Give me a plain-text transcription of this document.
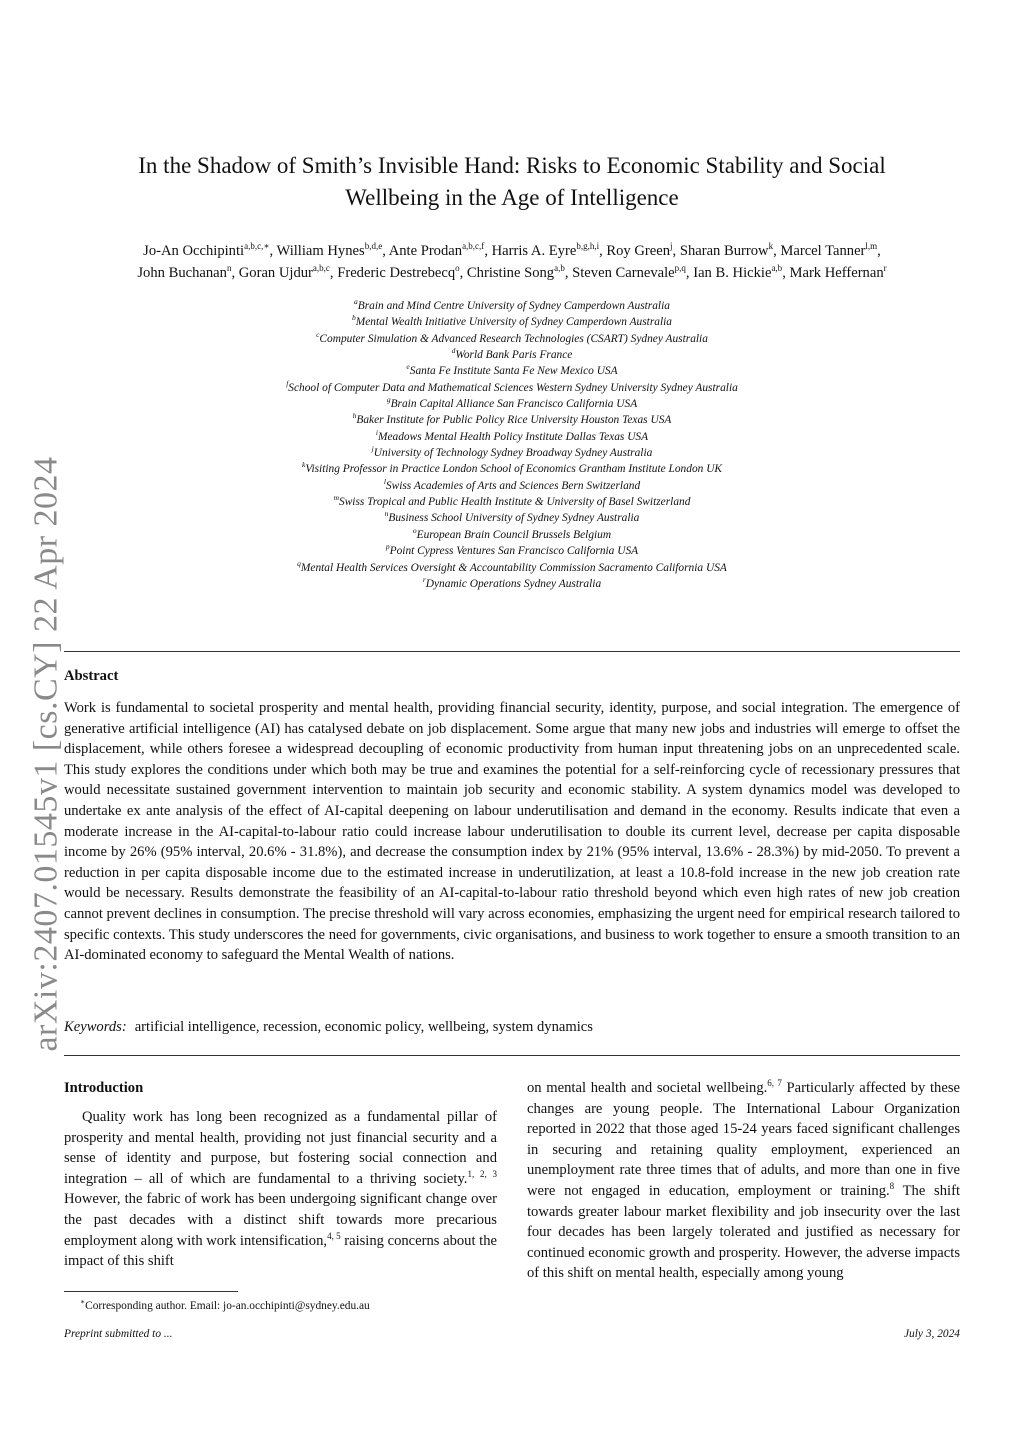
arXiv:2407.01545v1 [cs.CY] 22 Apr 2024
In the Shadow of Smith’s Invisible Hand: Risks to Economic Stability and Social
Wellbeing in the Age of Intelligence
Jo-An Occhipinti$^{a,b,c,∗}$, William Hynes$^{b,d,e}$, Ante Prodan$^{a,b,c,f}$, Harris A. Eyre$^{b,g,h,i}$, Roy Green$^j$, Sharan Burrow$^k$, Marcel Tanner$^{l,m}$,
John Buchanan$^n$, Goran Ujdur$^{a,b,c}$, Frederic Destrebecq$^o$, Christine Song$^{a,b}$, Steven Carnevale$^{p,q}$, Ian B. Hickie$^{a,b}$, Mark Heffernan$^r$
$^a$Brain and Mind Centre University of Sydney Camperdown Australia
$^b$Mental Wealth Initiative University of Sydney Camperdown Australia
$^c$Computer Simulation & Advanced Research Technologies (CSART) Sydney Australia
$^d$World Bank Paris France
$^e$Santa Fe Institute Santa Fe New Mexico USA
$^f$School of Computer Data and Mathematical Sciences Western Sydney University Sydney Australia
$^g$Brain Capital Alliance San Francisco California USA
$^h$Baker Institute for Public Policy Rice University Houston Texas USA
$^i$Meadows Mental Health Policy Institute Dallas Texas USA
$^j$University of Technology Sydney Broadway Sydney Australia
$^k$Visiting Professor in Practice London School of Economics Grantham Institute London UK
$^l$Swiss Academies of Arts and Sciences Bern Switzerland
$^m$Swiss Tropical and Public Health Institute & University of Basel Switzerland
$^n$Business School University of Sydney Sydney Australia
$^o$European Brain Council Brussels Belgium
$^p$Point Cypress Ventures San Francisco California USA
$^q$Mental Health Services Oversight & Accountability Commission Sacramento California USA
$^r$Dynamic Operations Sydney Australia
Abstract
Work is fundamental to societal prosperity and mental health, providing financial security, identity, purpose, and social integration. The emergence of generative artificial intelligence (AI) has catalysed debate on job displacement. Some argue that many new jobs and industries will emerge to offset the displacement, while others foresee a widespread decoupling of economic productivity from human input threatening jobs on an unprecedented scale. This study explores the conditions under which both may be true and examines the potential for a self-reinforcing cycle of recessionary pressures that would necessitate sustained government intervention to maintain job security and economic stability. A system dynamics model was developed to undertake ex ante analysis of the effect of AI-capital deepening on labour underutilisation and demand in the economy. Results indicate that even a moderate increase in the AI-capital-to-labour ratio could increase labour underutilisation to double its current level, decrease per capita disposable income by 26% (95% interval, 20.6% - 31.8%), and decrease the consumption index by 21% (95% interval, 13.6% - 28.3%) by mid-2050. To prevent a reduction in per capita disposable income due to the estimated increase in underutilization, at least a 10.8-fold increase in the new job creation rate would be necessary. Results demonstrate the feasibility of an AI-capital-to-labour ratio threshold beyond which even high rates of new job creation cannot prevent declines in consumption. The precise threshold will vary across economies, emphasizing the urgent need for empirical research tailored to specific contexts. This study underscores the need for governments, civic organisations, and business to work together to ensure a smooth transition to an AI-dominated economy to safeguard the Mental Wealth of nations.
Keywords: artificial intelligence, recession, economic policy, wellbeing, system dynamics
Introduction

Quality work has long been recognized as a fundamental pillar of prosperity and mental health, providing not just financial security and a sense of identity and purpose, but fostering social connection and integration – all of which are fundamental to a thriving society.$^{1, 2, 3}$ However, the fabric of work has been undergoing significant change over the past decades with a distinct shift towards more precarious employment along with work intensification,$^{4, 5}$ raising concerns about the impact of this shift

on mental health and societal wellbeing.$^{6, 7}$ Particularly affected by these changes are young people. The International Labour Organization reported in 2022 that those aged 15-24 years faced significant challenges in securing and retaining quality employment, experienced an unemployment rate three times that of adults, and more than one in five were not engaged in education, employment or training.$^8$ The shift towards greater labour market flexibility and job insecurity over the last four decades has been largely tolerated and justified as necessary for continued economic growth and prosperity. However, the adverse impacts of this shift on mental health, especially among young

∗Corresponding author. Email: jo-an.occhipinti@sydney.edu.au
Preprint submitted to ...	July 3, 2024
